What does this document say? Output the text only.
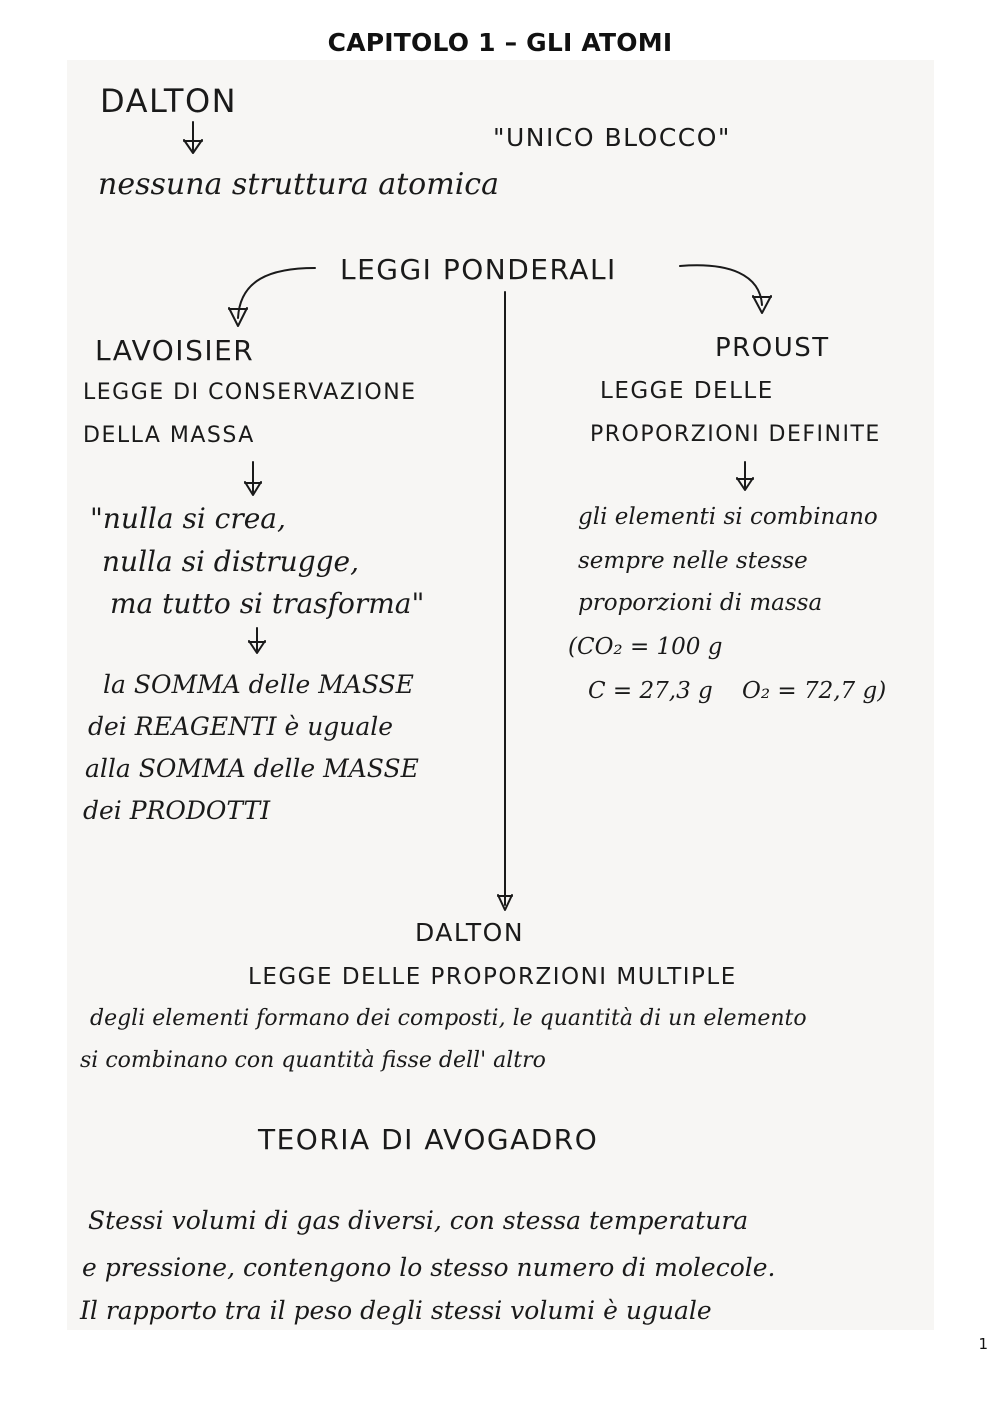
CAPITOLO 1 – GLI ATOMI
DALTON
"UNICO BLOCCO"
nessuna struttura atomica
LEGGI PONDERALI
LAVOISIER
LEGGE DI CONSERVAZIONE
DELLA MASSA
"nulla si crea,
nulla si distrugge,
ma tutto si trasforma"
la SOMMA delle MASSE
dei REAGENTI è uguale
alla SOMMA delle MASSE
dei PRODOTTI
PROUST
LEGGE DELLE
PROPORZIONI DEFINITE
gli elementi si combinano
sempre nelle stesse
proporzioni di massa
(CO₂ = 100 g
C = 27,3 g O₂ = 72,7 g)
DALTON
LEGGE DELLE PROPORZIONI MULTIPLE
degli elementi formano dei composti, le quantità di un elemento
si combinano con quantità fisse dell' altro
TEORIA DI AVOGADRO
Stessi volumi di gas diversi, con stessa temperatura
e pressione, contengono lo stesso numero di molecole.
Il rapporto tra il peso degli stessi volumi è uguale
1
